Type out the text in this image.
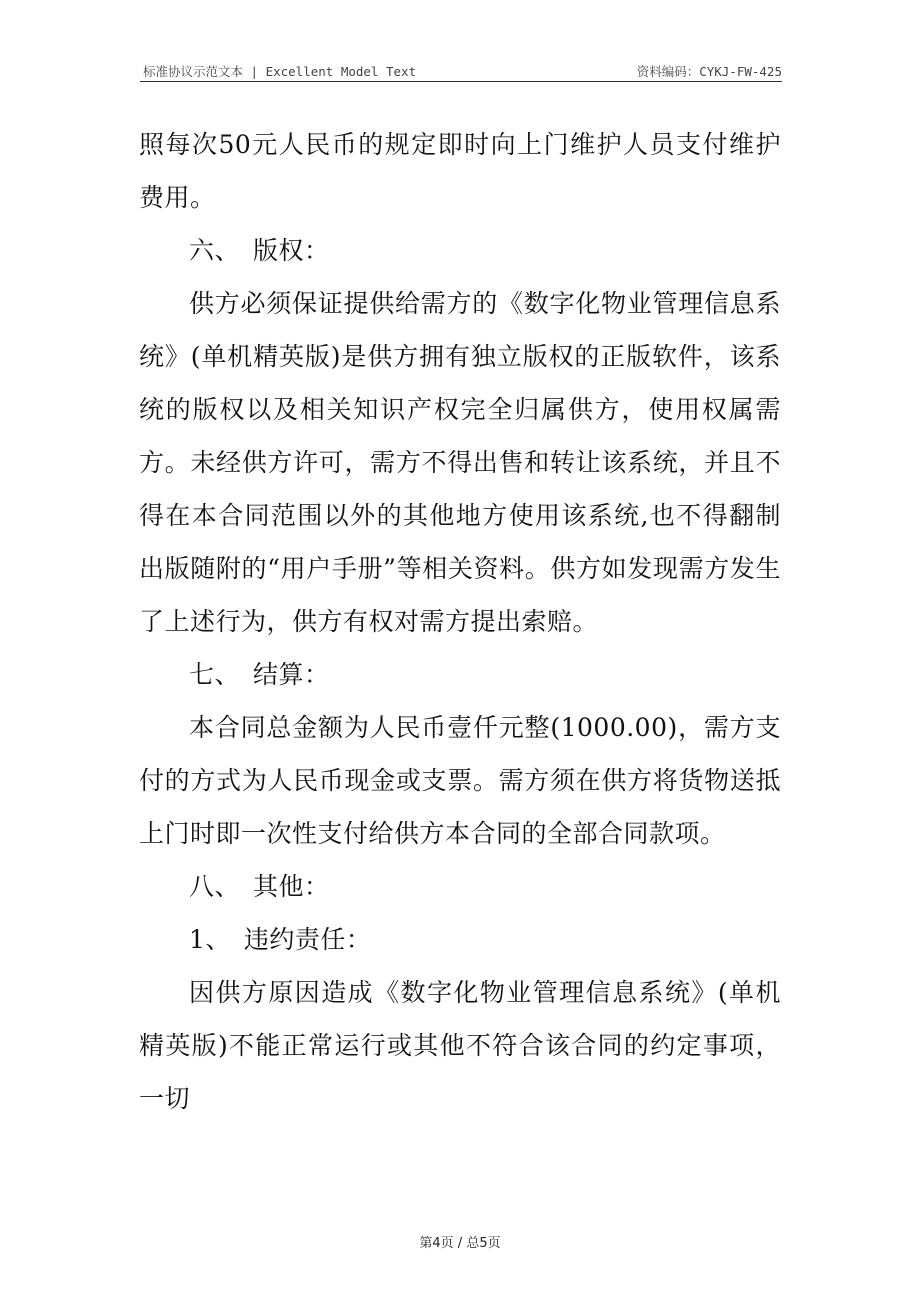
标准协议示范文本 | Excellent Model Text	资料编码：CYKJ-FW-425

照每次50元人民币的规定即时向上门维护人员支付维护费用。

六、　版权：

供方必须保证提供给需方的《数字化物业管理信息系统》(单机精英版)是供方拥有独立版权的正版软件，该系统的版权以及相关知识产权完全归属供方，使用权属需方。未经供方许可，需方不得出售和转让该系统，并且不得在本合同范围以外的其他地方使用该系统,也不得翻制出版随附的“用户手册”等相关资料。供方如发现需方发生了上述行为，供方有权对需方提出索赔。

七、　结算：

本合同总金额为人民币壹仟元整(1000.00)，需方支付的方式为人民币现金或支票。需方须在供方将货物送抵上门时即一次性支付给供方本合同的全部合同款项。

八、　其他：

1、　违约责任：

因供方原因造成《数字化物业管理信息系统》(单机精英版)不能正常运行或其他不符合该合同的约定事项，一切

第4页 / 总5页
